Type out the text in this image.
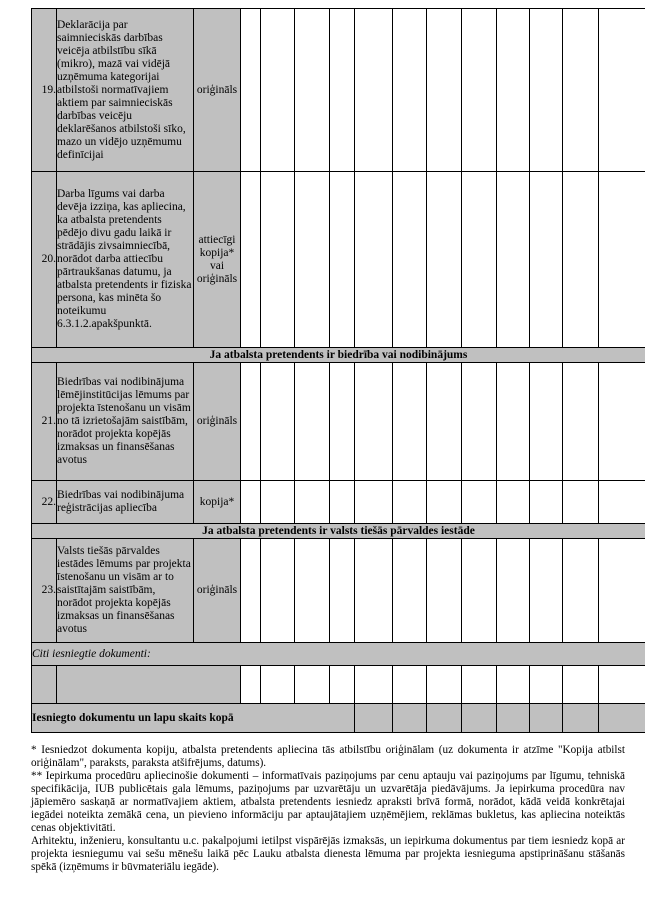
19.	Deklarācija par saimnieciskās darbības veicēja atbilstību sīkā (mikro), mazā vai vidējā uzņēmuma kategorijai atbilstoši normatīvajiem aktiem par saimnieciskās darbības veicēju deklarēšanos atbilstoši sīko, mazo un vidējo uzņēmumu definīcijai	oriģināls												
20.	Darba līgums vai darba devēja izziņa, kas apliecina, ka atbalsta pretendents pēdējo divu gadu laikā ir strādājis zivsaimniecībā, norādot darba attiecību pārtraukšanas datumu, ja atbalsta pretendents ir fiziska persona, kas minēta šo noteikumu 6.3.1.2.apakšpunktā.	attiecīgi kopija* vai oriģināls												
Ja atbalsta pretendents ir biedrība vai nodibinājums														
21.	Biedrības vai nodibinājuma lēmējinstitūcijas lēmums par projekta īstenošanu un visām no tā izrietošajām saistībām, norādot projekta kopējās izmaksas un finansēšanas avotus	oriģināls												
22.	Biedrības vai nodibinājuma reģistrācijas apliecība	kopija*												
Ja atbalsta pretendents ir valsts tiešās pārvaldes iestāde														
23.	Valsts tiešās pārvaldes iestādes lēmums par projekta īstenošanu un visām ar to saistītajām saistībām, norādot projekta kopējās izmaksas un finansēšanas avotus	oriģināls												
Citi iesniegtie dokumenti:														

Iesniegto dokumentu un lapu skaits kopā														

* Iesniedzot dokumenta kopiju, atbalsta pretendents apliecina tās atbilstību oriģinālam (uz dokumenta ir atzīme "Kopija atbilst oriģinālam", paraksts, paraksta atšifrējums, datums).

** Iepirkuma procedūru apliecinošie dokumenti – informatīvais paziņojums par cenu aptauju vai paziņojums par līgumu, tehniskā specifikācija, IUB publicētais gala lēmums, paziņojums par uzvarētāju un uzvarētāja piedāvājums. Ja iepirkuma procedūra nav jāpiemēro saskaņā ar normatīvajiem aktiem, atbalsta pretendents iesniedz apraksti brīvā formā, norādot, kādā veidā konkrētajai iegādei noteikta zemākā cena, un pievieno informāciju par aptaujātajiem uzņēmējiem, reklāmas bukletus, kas apliecina noteiktās cenas objektivitāti.

Arhitektu, inženieru, konsultantu u.c. pakalpojumi ietilpst vispārējās izmaksās, un iepirkuma dokumentus par tiem iesniedz kopā ar projekta iesniegumu vai sešu mēnešu laikā pēc Lauku atbalsta dienesta lēmuma par projekta iesnieguma apstiprināšanu stāšanās spēkā (izņēmums ir būvmateriālu iegāde).
